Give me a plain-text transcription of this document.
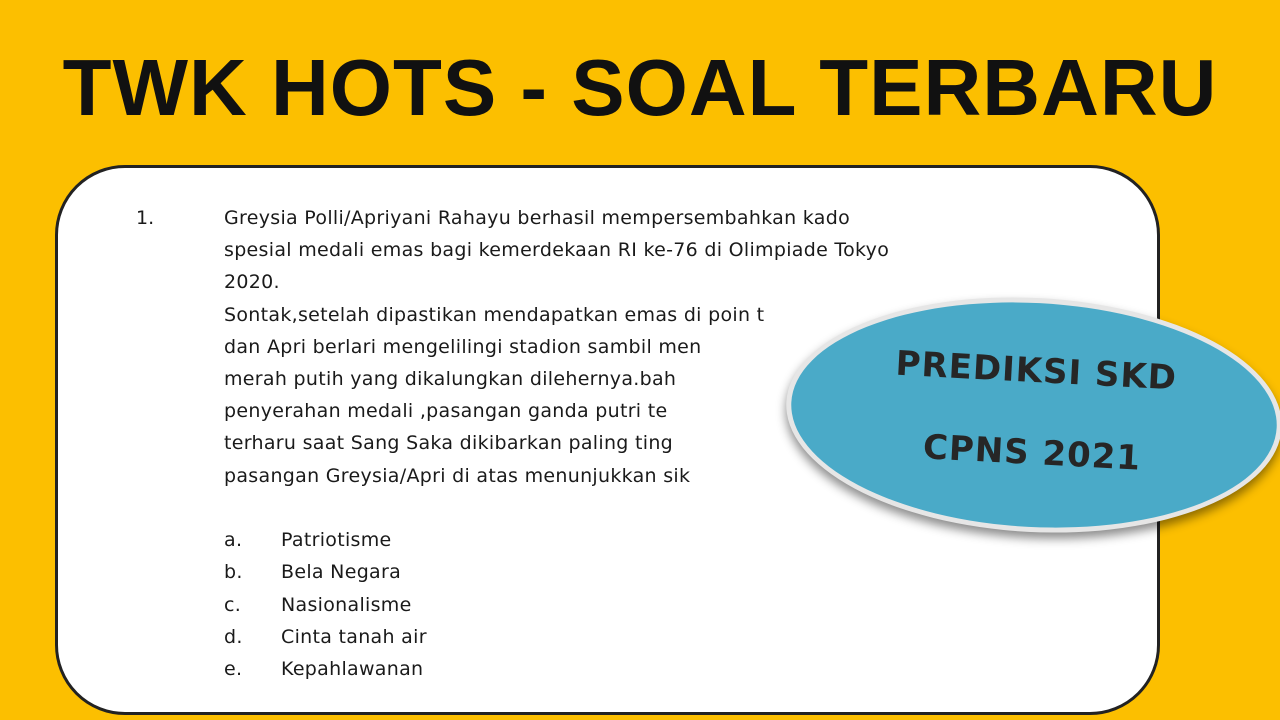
TWK HOTS - SOAL TERBARU
1.	Greysia Polli/Apriyani Rahayu berhasil mempersembahkan kado
spesial medali emas bagi kemerdekaan RI ke-76 di Olimpiade Tokyo
2020.
Sontak,setelah dipastikan mendapatkan emas di poin t
dan Apri berlari mengelilingi stadion sambil men
merah putih yang dikalungkan dilehernya.bah
penyerahan medali ,pasangan ganda putri te
terharu saat Sang Saka dikibarkan paling ting
pasangan Greysia/Apri di atas menunjukkan sik
a.	Patriotisme
b.	Bela Negara
c.	Nasionalisme
d.	Cinta tanah air
e.	Kepahlawanan
PREDIKSI SKD
CPNS 2021
